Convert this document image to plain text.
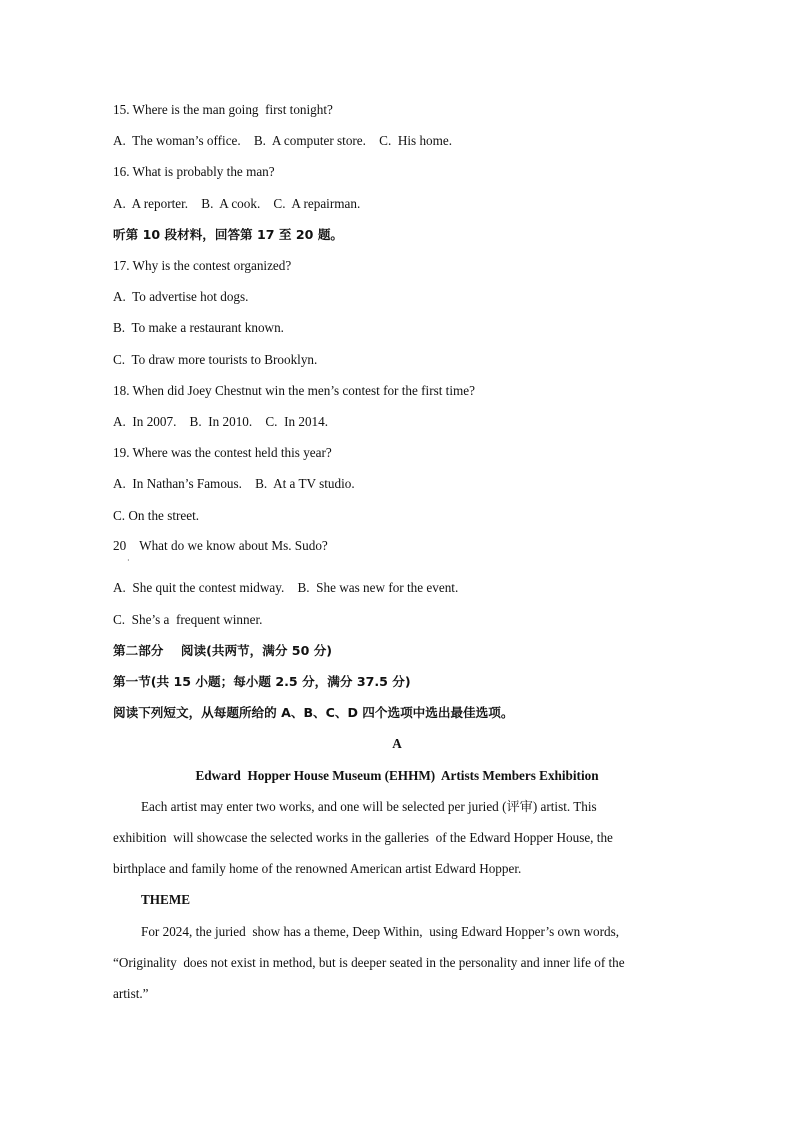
15. Where is the man going  first tonight?
A.  The woman’s office.    B.  A computer store.    C.  His home.
16. What is probably the man?
A.  A reporter.    B.  A cook.    C.  A repairman.
听第 10 段材料，回答第 17 至 20 题。
17. Why is the contest organized?
A.  To advertise hot dogs.
B.  To make a restaurant known.
C.  To draw more tourists to Brooklyn.
18. When did Joey Chestnut win the men’s contest for the first time?
A.  In 2007.    B.  In 2010.    C.  In 2014.
19. Where was the contest held this year?
A.  In Nathan’s Famous.    B.  At a TV studio.
C. On the street.
20    What do we know about Ms. Sudo?
·
A.  She quit the contest midway.    B.  She was new for the event.
C.  She’s a  frequent winner.
第二部分    阅读(共两节，满分 50 分)
第一节(共 15 小题；每小题 2.5 分，满分 37.5 分)
阅读下列短文，从每题所给的 A、B、C、D 四个选项中选出最佳选项。
A
Edward  Hopper House Museum (EHHM)  Artists Members Exhibition
Each artist may enter two works, and one will be selected per juried (评审) artist. This
exhibition  will showcase the selected works in the galleries  of the Edward Hopper House, the
birthplace and family home of the renowned American artist Edward Hopper.
THEME
For 2024, the juried  show has a theme, Deep Within,  using Edward Hopper’s own words,
“Originality  does not exist in method, but is deeper seated in the personality and inner life of the
artist.”
